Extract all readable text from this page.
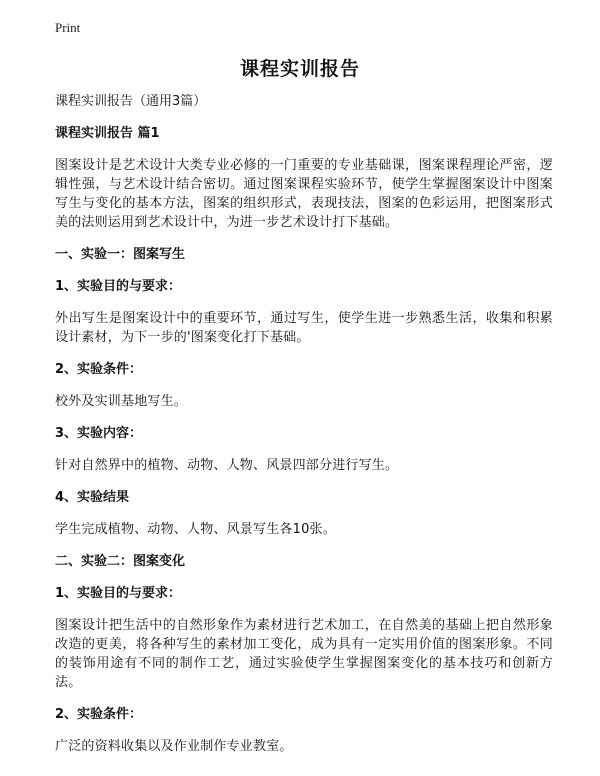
Print
课程实训报告

课程实训报告（通用3篇）

课程实训报告 篇1

图案设计是艺术设计大类专业必修的一门重要的专业基础课，图案课程理论严密，逻辑性强，与艺术设计结合密切。通过图案课程实验环节，使学生掌握图案设计中图案写生与变化的基本方法，图案的组织形式，表现技法，图案的色彩运用，把图案形式美的法则运用到艺术设计中，为进一步艺术设计打下基础。

一、实验一：图案写生

1、实验目的与要求：

外出写生是图案设计中的重要环节，通过写生，使学生进一步熟悉生活，收集和积累设计素材，为下一步的'图案变化打下基础。

2、实验条件：

校外及实训基地写生。

3、实验内容：

针对自然界中的植物、动物、人物、风景四部分进行写生。

4、实验结果

学生完成植物、动物、人物、风景写生各10张。

二、实验二：图案变化

1、实验目的与要求：

图案设计把生活中的自然形象作为素材进行艺术加工，在自然美的基础上把自然形象改造的更美，将各种写生的素材加工变化，成为具有一定实用价值的图案形象。不同的装饰用途有不同的制作工艺，通过实验使学生掌握图案变化的基本技巧和创新方法。

2、实验条件：

广泛的资料收集以及作业制作专业教室。
